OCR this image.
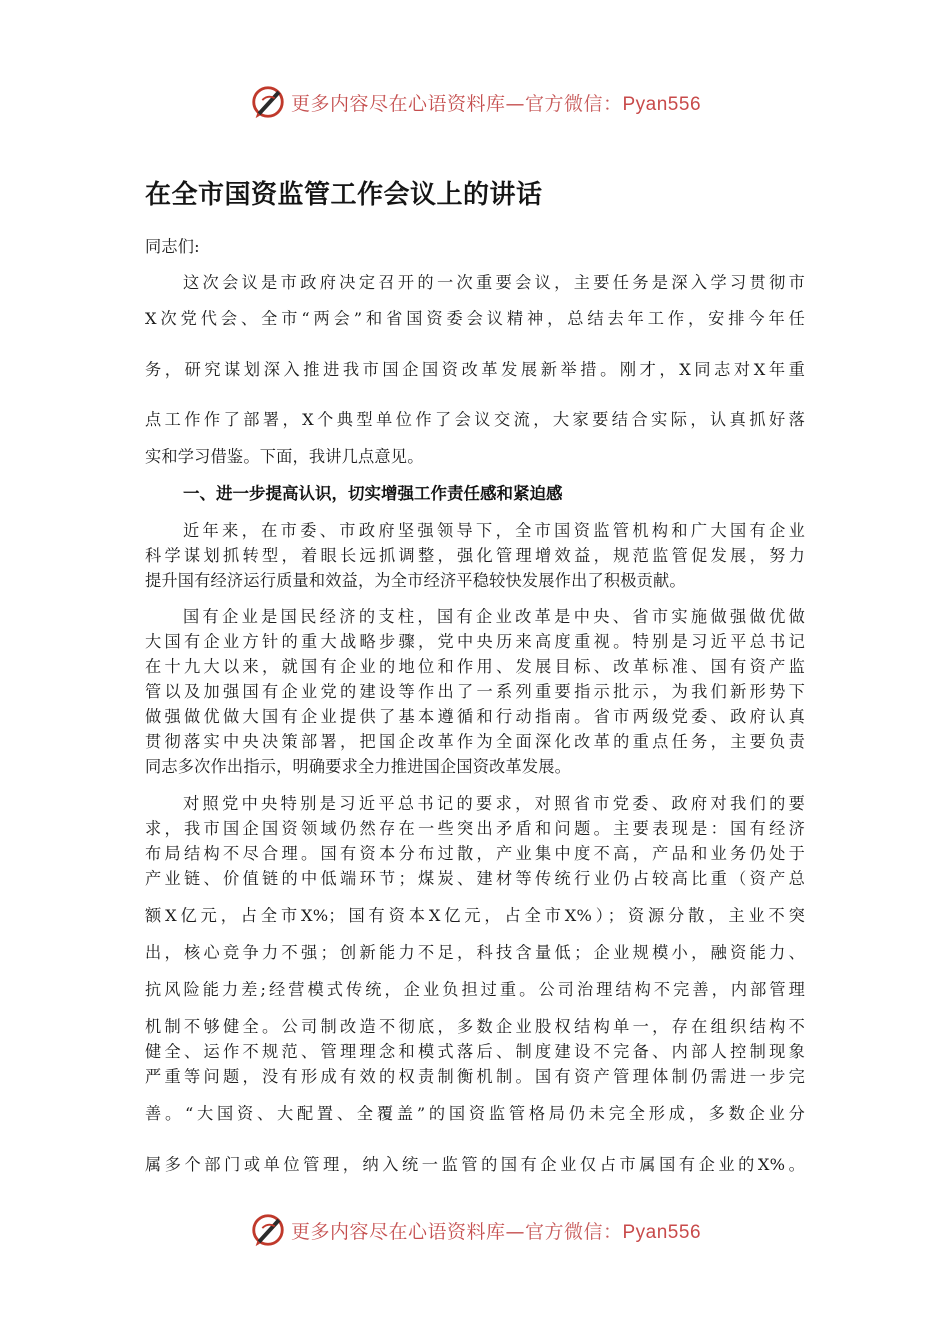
更多内容尽在心语资料库—官方微信：Pyan556
在全市国资监管工作会议上的讲话
同志们:
这次会议是市政府决定召开的一次重要会议，主要任务是深入学习贯彻市
X次党代会、全市“两会”和省国资委会议精神，总结去年工作，安排今年任
务，研究谋划深入推进我市国企国资改革发展新举措。刚才，X同志对X年重
点工作作了部署，X个典型单位作了会议交流，大家要结合实际，认真抓好落
实和学习借鉴。下面，我讲几点意见。
一、进一步提高认识，切实增强工作责任感和紧迫感
近年来，在市委、市政府坚强领导下，全市国资监管机构和广大国有企业
科学谋划抓转型，着眼长远抓调整，强化管理增效益，规范监管促发展，努力
提升国有经济运行质量和效益，为全市经济平稳较快发展作出了积极贡献。
国有企业是国民经济的支柱，国有企业改革是中央、省市实施做强做优做
大国有企业方针的重大战略步骤，党中央历来高度重视。特别是习近平总书记
在十九大以来，就国有企业的地位和作用、发展目标、改革标准、国有资产监
管以及加强国有企业党的建设等作出了一系列重要指示批示，为我们新形势下
做强做优做大国有企业提供了基本遵循和行动指南。省市两级党委、政府认真
贯彻落实中央决策部署，把国企改革作为全面深化改革的重点任务，主要负责
同志多次作出指示，明确要求全力推进国企国资改革发展。
对照党中央特别是习近平总书记的要求，对照省市党委、政府对我们的要
求，我市国企国资领域仍然存在一些突出矛盾和问题。主要表现是：国有经济
布局结构不尽合理。国有资本分布过散，产业集中度不高，产品和业务仍处于
产业链、价值链的中低端环节；煤炭、建材等传统行业仍占较高比重（资产总
额X亿元，占全市X%；国有资本X亿元，占全市X%）；资源分散，主业不突
出，核心竞争力不强；创新能力不足，科技含量低；企业规模小，融资能力、
抗风险能力差;经营模式传统，企业负担过重。公司治理结构不完善，内部管理
机制不够健全。公司制改造不彻底，多数企业股权结构单一，存在组织结构不
健全、运作不规范、管理理念和模式落后、制度建设不完备、内部人控制现象
严重等问题，没有形成有效的权责制衡机制。国有资产管理体制仍需进一步完
善。“大国资、大配置、全覆盖”的国资监管格局仍未完全形成，多数企业分
属多个部门或单位管理，纳入统一监管的国有企业仅占市属国有企业的X%。
更多内容尽在心语资料库—官方微信：Pyan556
